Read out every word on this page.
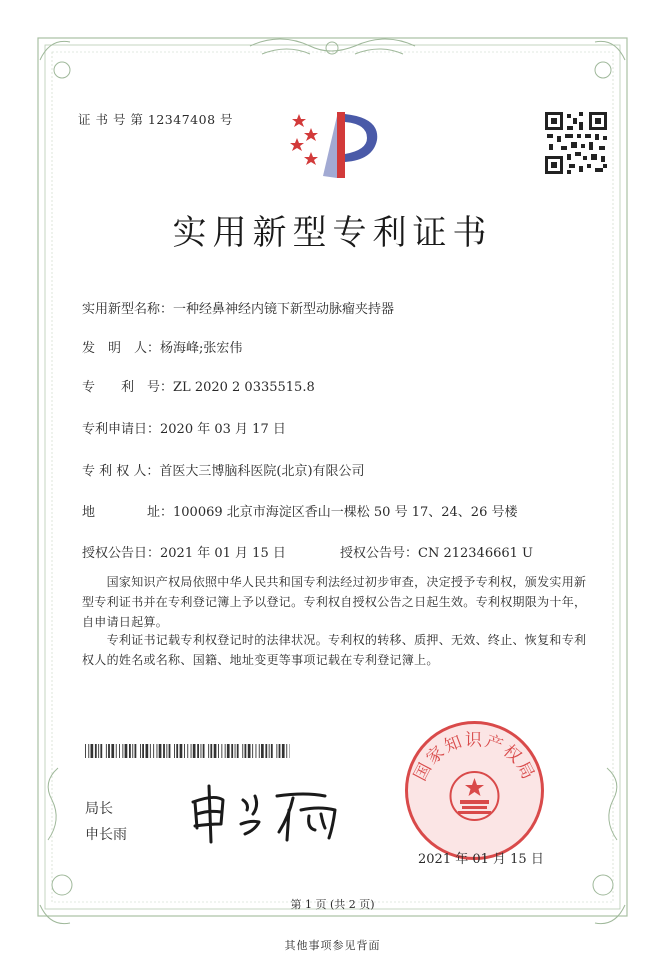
证 书 号 第 12347408 号
实用新型专利证书
实用新型名称：一种经鼻神经内镜下新型动脉瘤夹持器
发　明　人：杨海峰;张宏伟
专　　利　号：ZL 2020 2 0335515.8
专利申请日：2020 年 03 月 17 日
专 利 权 人：首医大三博脑科医院(北京)有限公司
地　　　　址：100069 北京市海淀区香山一棵松 50 号 17、24、26 号楼
授权公告日：2021 年 01 月 15 日	授权公告号：CN 212346661 U
　　国家知识产权局依照中华人民共和国专利法经过初步审查，决定授予专利权，颁发实用新型专利证书并在专利登记簿上予以登记。专利权自授权公告之日起生效。专利权期限为十年，自申请日起算。
　　专利证书记载专利权登记时的法律状况。专利权的转移、质押、无效、终止、恢复和专利权人的姓名或名称、国籍、地址变更等事项记载在专利登记簿上。
局长
申长雨
国家知识产权局
2021 年 01 月 15 日
第 1 页 (共 2 页)
其他事项参见背面
